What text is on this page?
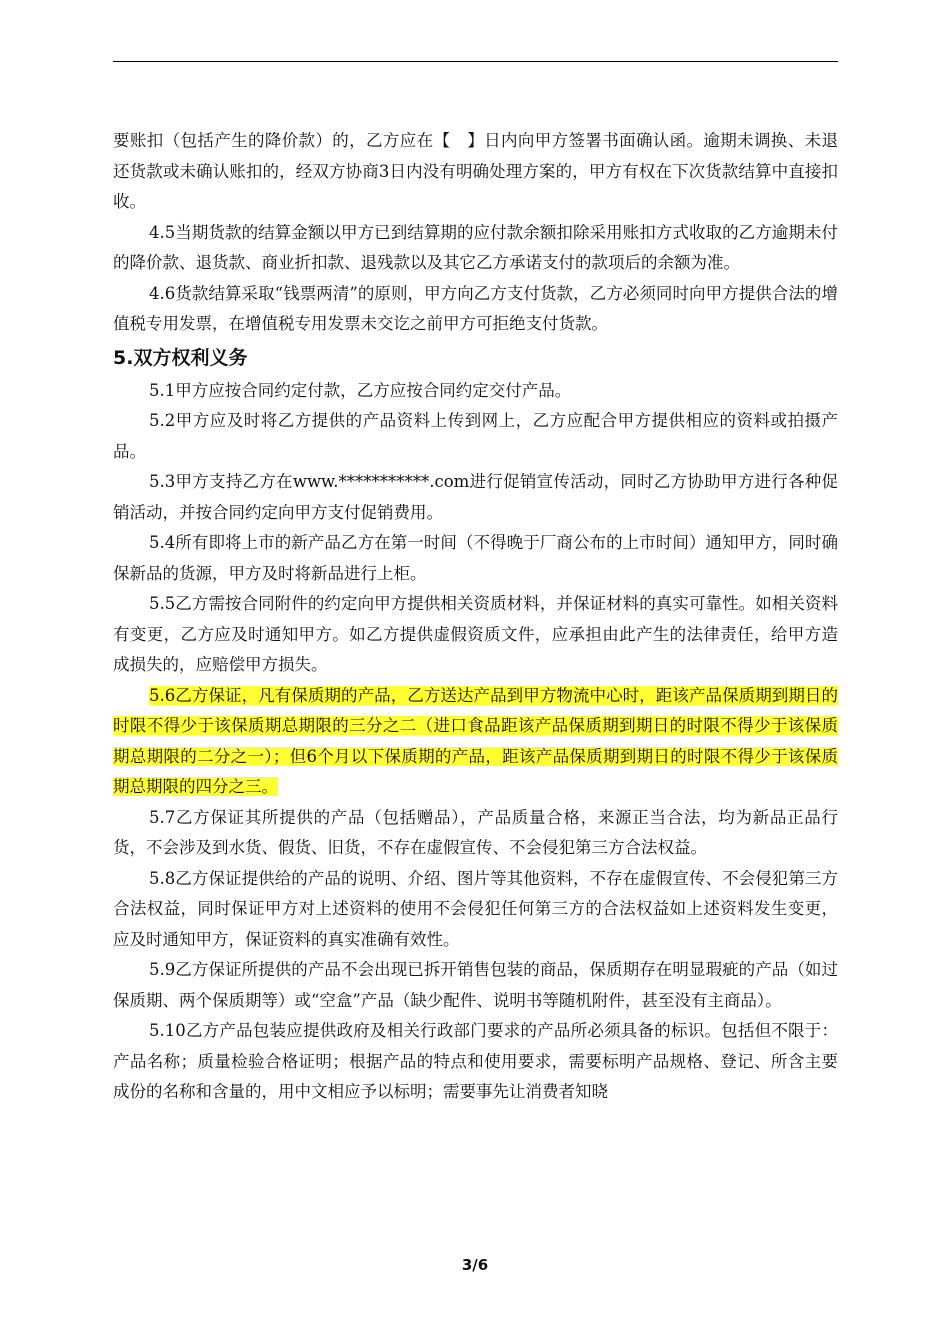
要账扣（包括产生的降价款）的，乙方应在【　】日内向甲方签署书面确认函。逾期未调换、未退还货款或未确认账扣的，经双方协商3日内没有明确处理方案的，甲方有权在下次货款结算中直接扣收。

4.5当期货款的结算金额以甲方已到结算期的应付款余额扣除采用账扣方式收取的乙方逾期未付的降价款、退货款、商业折扣款、退残款以及其它乙方承诺支付的款项后的余额为准。

4.6货款结算采取“钱票两清”的原则，甲方向乙方支付货款，乙方必须同时向甲方提供合法的增值税专用发票，在增值税专用发票未交讫之前甲方可拒绝支付货款。

5.双方权利义务

5.1甲方应按合同约定付款，乙方应按合同约定交付产品。

5.2甲方应及时将乙方提供的产品资料上传到网上，乙方应配合甲方提供相应的资料或拍摄产品。

5.3甲方支持乙方在www.***********.com进行促销宣传活动，同时乙方协助甲方进行各种促销活动，并按合同约定向甲方支付促销费用。

5.4所有即将上市的新产品乙方在第一时间（不得晚于厂商公布的上市时间）通知甲方，同时确保新品的货源，甲方及时将新品进行上柜。

5.5乙方需按合同附件的约定向甲方提供相关资质材料，并保证材料的真实可靠性。如相关资料有变更，乙方应及时通知甲方。如乙方提供虚假资质文件，应承担由此产生的法律责任，给甲方造成损失的，应赔偿甲方损失。

5.6乙方保证，凡有保质期的产品，乙方送达产品到甲方物流中心时，距该产品保质期到期日的时限不得少于该保质期总期限的三分之二（进口食品距该产品保质期到期日的时限不得少于该保质期总期限的二分之一）；但6个月以下保质期的产品，距该产品保质期到期日的时限不得少于该保质期总期限的四分之三。

5.7乙方保证其所提供的产品（包括赠品），产品质量合格，来源正当合法，均为新品正品行货，不会涉及到水货、假货、旧货，不存在虚假宣传、不会侵犯第三方合法权益。

5.8乙方保证提供给的产品的说明、介绍、图片等其他资料，不存在虚假宣传、不会侵犯第三方合法权益，同时保证甲方对上述资料的使用不会侵犯任何第三方的合法权益如上述资料发生变更，应及时通知甲方，保证资料的真实准确有效性。

5.9乙方保证所提供的产品不会出现已拆开销售包装的商品，保质期存在明显瑕疵的产品（如过保质期、两个保质期等）或“空盒”产品（缺少配件、说明书等随机附件，甚至没有主商品）。

5.10乙方产品包装应提供政府及相关行政部门要求的产品所必须具备的标识。包括但不限于：产品名称；质量检验合格证明；根据产品的特点和使用要求，需要标明产品规格、登记、所含主要成份的名称和含量的，用中文相应予以标明；需要事先让消费者知晓

3/6
